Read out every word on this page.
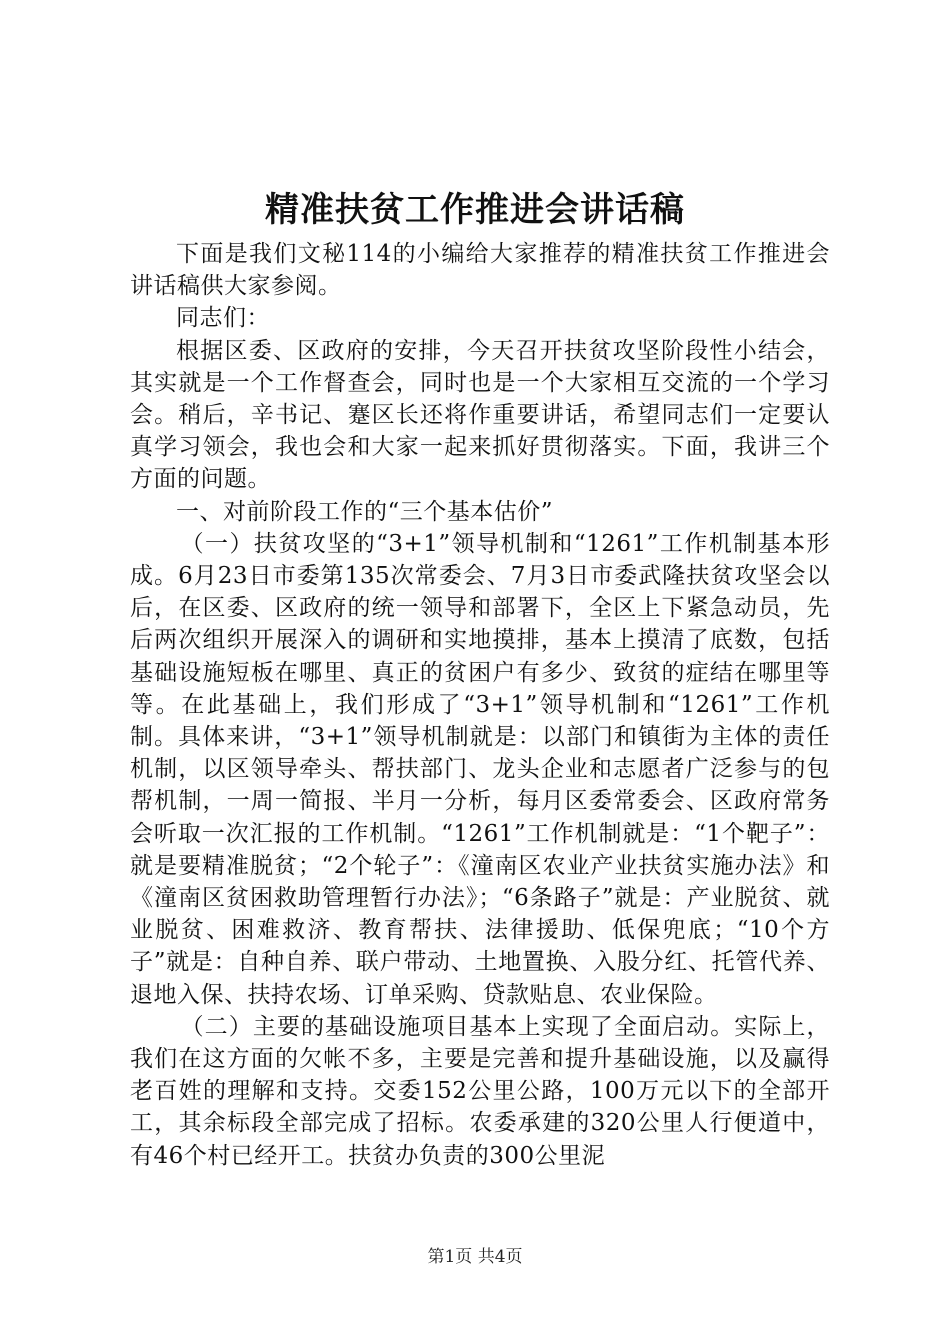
精准扶贫工作推进会讲话稿

下面是我们文秘114的小编给大家推荐的精准扶贫工作推进会讲话稿供大家参阅。

同志们：

根据区委、区政府的安排，今天召开扶贫攻坚阶段性小结会，其实就是一个工作督查会，同时也是一个大家相互交流的一个学习会。稍后，辛书记、蹇区长还将作重要讲话，希望同志们一定要认真学习领会，我也会和大家一起来抓好贯彻落实。下面，我讲三个方面的问题。

一、对前阶段工作的“三个基本估价”

（一）扶贫攻坚的“3+1”领导机制和“1261”工作机制基本形成。6月23日市委第135次常委会、7月3日市委武隆扶贫攻坚会以后，在区委、区政府的统一领导和部署下，全区上下紧急动员，先后两次组织开展深入的调研和实地摸排，基本上摸清了底数，包括基础设施短板在哪里、真正的贫困户有多少、致贫的症结在哪里等等。在此基础上，我们形成了“3+1”领导机制和“1261”工作机制。具体来讲，“3+1”领导机制就是：以部门和镇街为主体的责任机制，以区领导牵头、帮扶部门、龙头企业和志愿者广泛参与的包帮机制，一周一简报、半月一分析，每月区委常委会、区政府常务会听取一次汇报的工作机制。“1261”工作机制就是：“1个靶子”：就是要精准脱贫；“2个轮子”：《潼南区农业产业扶贫实施办法》和《潼南区贫困救助管理暂行办法》；“6条路子”就是：产业脱贫、就业脱贫、困难救济、教育帮扶、法律援助、低保兜底；“10个方子”就是：自种自养、联户带动、土地置换、入股分红、托管代养、退地入保、扶持农场、订单采购、贷款贴息、农业保险。

（二）主要的基础设施项目基本上实现了全面启动。实际上，我们在这方面的欠帐不多，主要是完善和提升基础设施，以及赢得老百姓的理解和支持。交委152公里公路，100万元以下的全部开工，其余标段全部完成了招标。农委承建的320公里人行便道中，有46个村已经开工。扶贫办负责的300公里泥

第1页 共4页
